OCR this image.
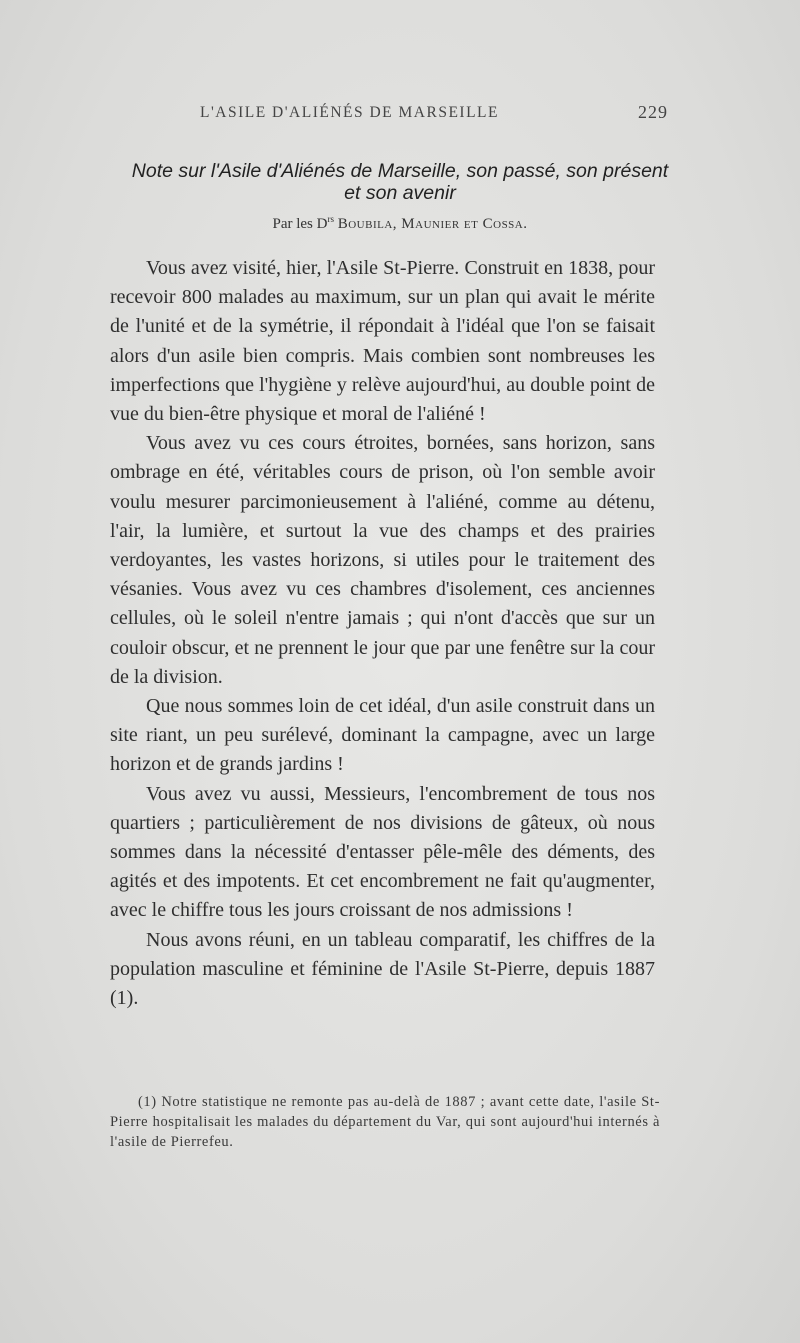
L'ASILE D'ALIÉNÉS DE MARSEILLE	229
Note sur l'Asile d'Aliénés de Marseille, son passé, son présent
et son avenir
Par les $D^{rs}$ Boubila, Maunier et Cossa.

Vous avez visité, hier, l'Asile St-Pierre. Construit en 1838, pour recevoir 800 malades au maximum, sur un plan qui avait le mérite de l'unité et de la symétrie, il répondait à l'idéal que l'on se faisait alors d'un asile bien compris. Mais combien sont nombreuses les imperfections que l'hygiène y relève aujourd'hui, au double point de vue du bien-être physique et moral de l'aliéné !

Vous avez vu ces cours étroites, bornées, sans horizon, sans ombrage en été, véritables cours de prison, où l'on semble avoir voulu mesurer parcimonieusement à l'aliéné, comme au détenu, l'air, la lumière, et surtout la vue des champs et des prairies verdoyantes, les vastes horizons, si utiles pour le traitement des vésanies. Vous avez vu ces chambres d'isolement, ces anciennes cellules, où le soleil n'entre jamais ; qui n'ont d'accès que sur un couloir obscur, et ne prennent le jour que par une fenêtre sur la cour de la division.

Que nous sommes loin de cet idéal, d'un asile construit dans un site riant, un peu surélevé, dominant la campagne, avec un large horizon et de grands jardins !

Vous avez vu aussi, Messieurs, l'encombrement de tous nos quartiers ; particulièrement de nos divisions de gâteux, où nous sommes dans la nécessité d'entasser pêle-mêle des déments, des agités et des impotents. Et cet encombrement ne fait qu'augmenter, avec le chiffre tous les jours croissant de nos admissions !

Nous avons réuni, en un tableau comparatif, les chiffres de la population masculine et féminine de l'Asile St-Pierre, depuis 1887 (1).

(1) Notre statistique ne remonte pas au-delà de 1887 ; avant cette date, l'asile St-Pierre hospitalisait les malades du département du Var, qui sont aujourd'hui internés à l'asile de Pierrefeu.
